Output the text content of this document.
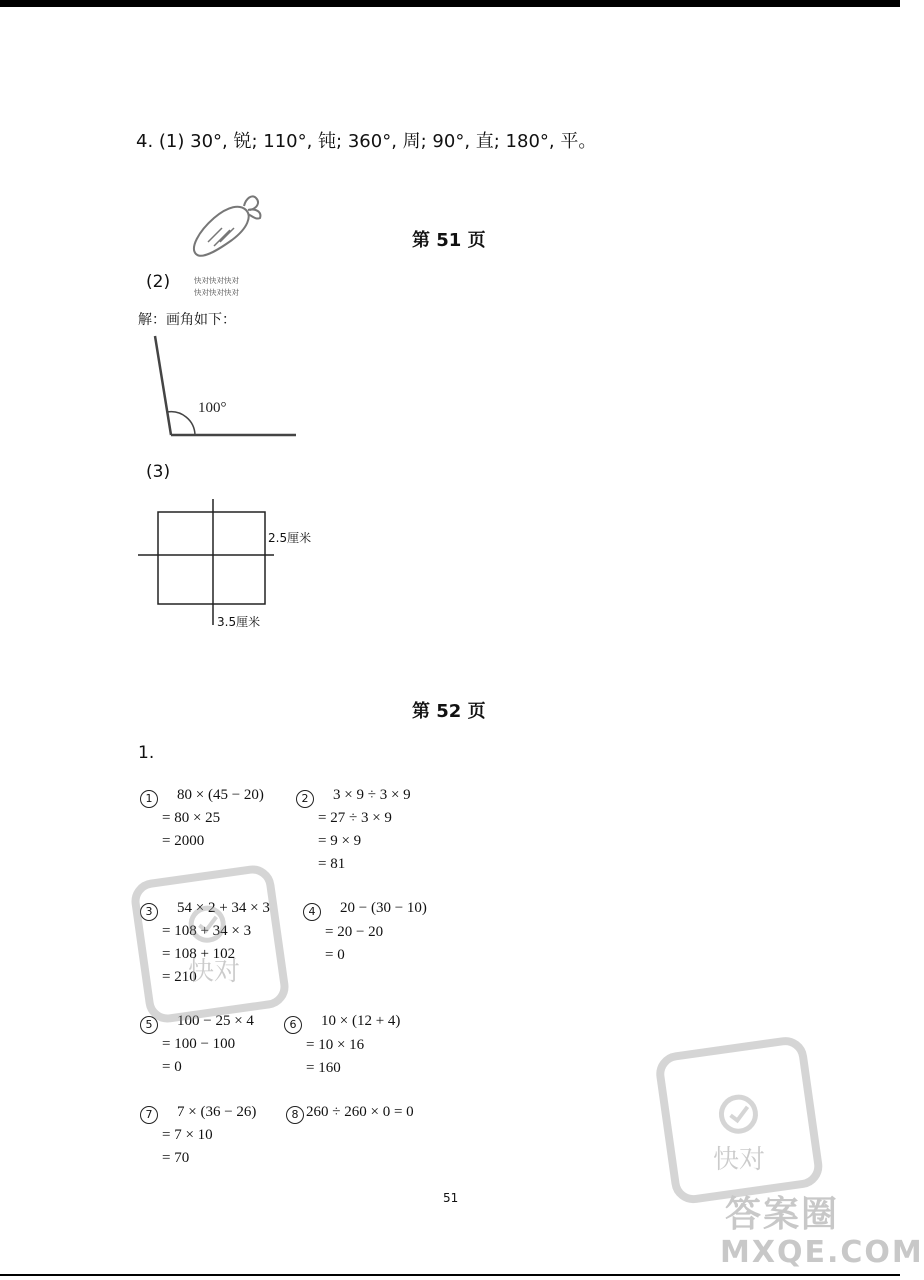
4. (1) 30°, 锐; 110°, 钝; 360°, 周; 90°, 直; 180°, 平。
快对快对快对
快对快对快对
第 51 页
(2)
解：画角如下：
100°
(3)
2.5厘米
3.5厘米
第 52 页
1.
1	80 × (45 − 20)
= 80 × 25
= 2000
2	3 × 9 ÷ 3 × 9
= 27 ÷ 3 × 9
= 9 × 9
= 81
3	54 × 2 + 34 × 3
= 108 + 34 × 3
= 108 + 102
= 210
4	20 − (30 − 10)
= 20 − 20
= 0
5	100 − 25 × 4
= 100 − 100
= 0
6	10 × (12 + 4)
= 10 × 16
= 160
7	7 × (36 − 26)
= 7 × 10
= 70
8 260 ÷ 260 × 0 = 0
快对
快对
答案圈
MXQE.COM
51
